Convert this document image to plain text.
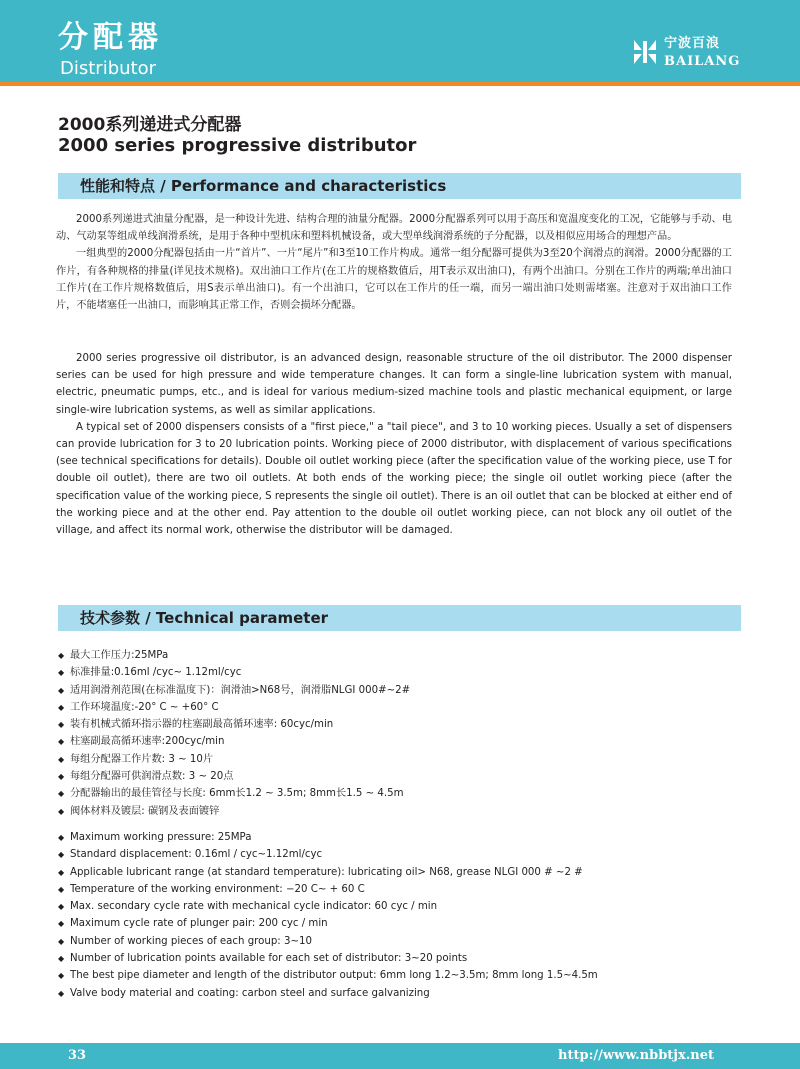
分配器
Distributor
宁波百浪
BAILANG
2000系列递进式分配器
2000 series progressive distributor
性能和特点 / Performance and characteristics

2000系列递进式油量分配器，是一种设计先进、结构合理的油量分配器。2000分配器系列可以用于高压和宽温度变化的工况，它能够与手动、电动、气动泵等组成单线润滑系统，是用于各种中型机床和塑料机械设备，或大型单线润滑系统的子分配器，以及相似应用场合的理想产品。

一组典型的2000分配器包括由一片“首片”、一片“尾片”和3至10工作片构成。通常一组分配器可提供为3至20个润滑点的润滑。2000分配器的工作片，有各种规格的排量(详见技术规格)。双出油口工作片(在工片的规格数值后，用T表示双出油口)，有两个出油口。分别在工作片的两端;单出油口工作片(在工作片规格数值后，用S表示单出油口)。有一个出油口，它可以在工作片的任一端，而另一端出油口处则需堵塞。注意对于双出油口工作片，不能堵塞任一出油口，而影响其正常工作，否则会损坏分配器。

2000 series progressive oil distributor, is an advanced design, reasonable structure of the oil distributor. The 2000 dispenser series can be used for high pressure and wide temperature changes. It can form a single-line lubrication system with manual, electric, pneumatic pumps, etc., and is ideal for various medium-sized machine tools and plastic mechanical equipment, or large single-wire lubrication systems, as well as similar applications.

A typical set of 2000 dispensers consists of a "first piece," a "tail piece", and 3 to 10 working pieces. Usually a set of dispensers can provide lubrication for 3 to 20 lubrication points. Working piece of 2000 distributor, with displacement of various specifications (see technical specifications for details). Double oil outlet working piece (after the specification value of the working piece, use T for double oil outlet), there are two oil outlets. At both ends of the working piece; the single oil outlet working piece (after the specification value of the working piece, S represents the single oil outlet). There is an oil outlet that can be blocked at either end of the working piece and at the other end. Pay attention to the double oil outlet working piece, can not block any oil outlet of the village, and affect its normal work, otherwise the distributor will be damaged.

技术参数 / Technical parameter
◆ 最大工作压力:25MPa
◆ 标准排量:0.16ml /cyc~ 1.12ml/cyc
◆ 适用润滑剂范围(在标准温度下)：润滑油>N68号，润滑脂NLGI 000#~2#
◆ 工作环境温度:-20° C ~ +60° C
◆ 装有机械式循环指示器的柱塞副最高循环速率: 60cyc/min
◆ 柱塞副最高循环速率:200cyc/min
◆ 每组分配器工作片数: 3 ~ 10片
◆ 每组分配器可供润滑点数: 3 ~ 20点
◆ 分配器输出的最佳管径与长度: 6mm长1.2 ~ 3.5m; 8mm长1.5 ~ 4.5m
◆ 阀体材料及镀层: 碳钢及表面镀锌
◆ Maximum working pressure: 25MPa
◆ Standard displacement: 0.16ml / cyc~1.12ml/cyc
◆ Applicable lubricant range (at standard temperature): lubricating oil> N68, grease NLGI 000 # ~2 #
◆ Temperature of the working environment: −20 C~ + 60 C
◆ Max. secondary cycle rate with mechanical cycle indicator: 60 cyc / min
◆ Maximum cycle rate of plunger pair: 200 cyc / min
◆ Number of working pieces of each group: 3~10
◆ Number of lubrication points available for each set of distributor: 3~20 points
◆ The best pipe diameter and length of the distributor output: 6mm long 1.2~3.5m; 8mm long 1.5~4.5m
◆ Valve body material and coating: carbon steel and surface galvanizing
33	http://www.nbbtjx.net
